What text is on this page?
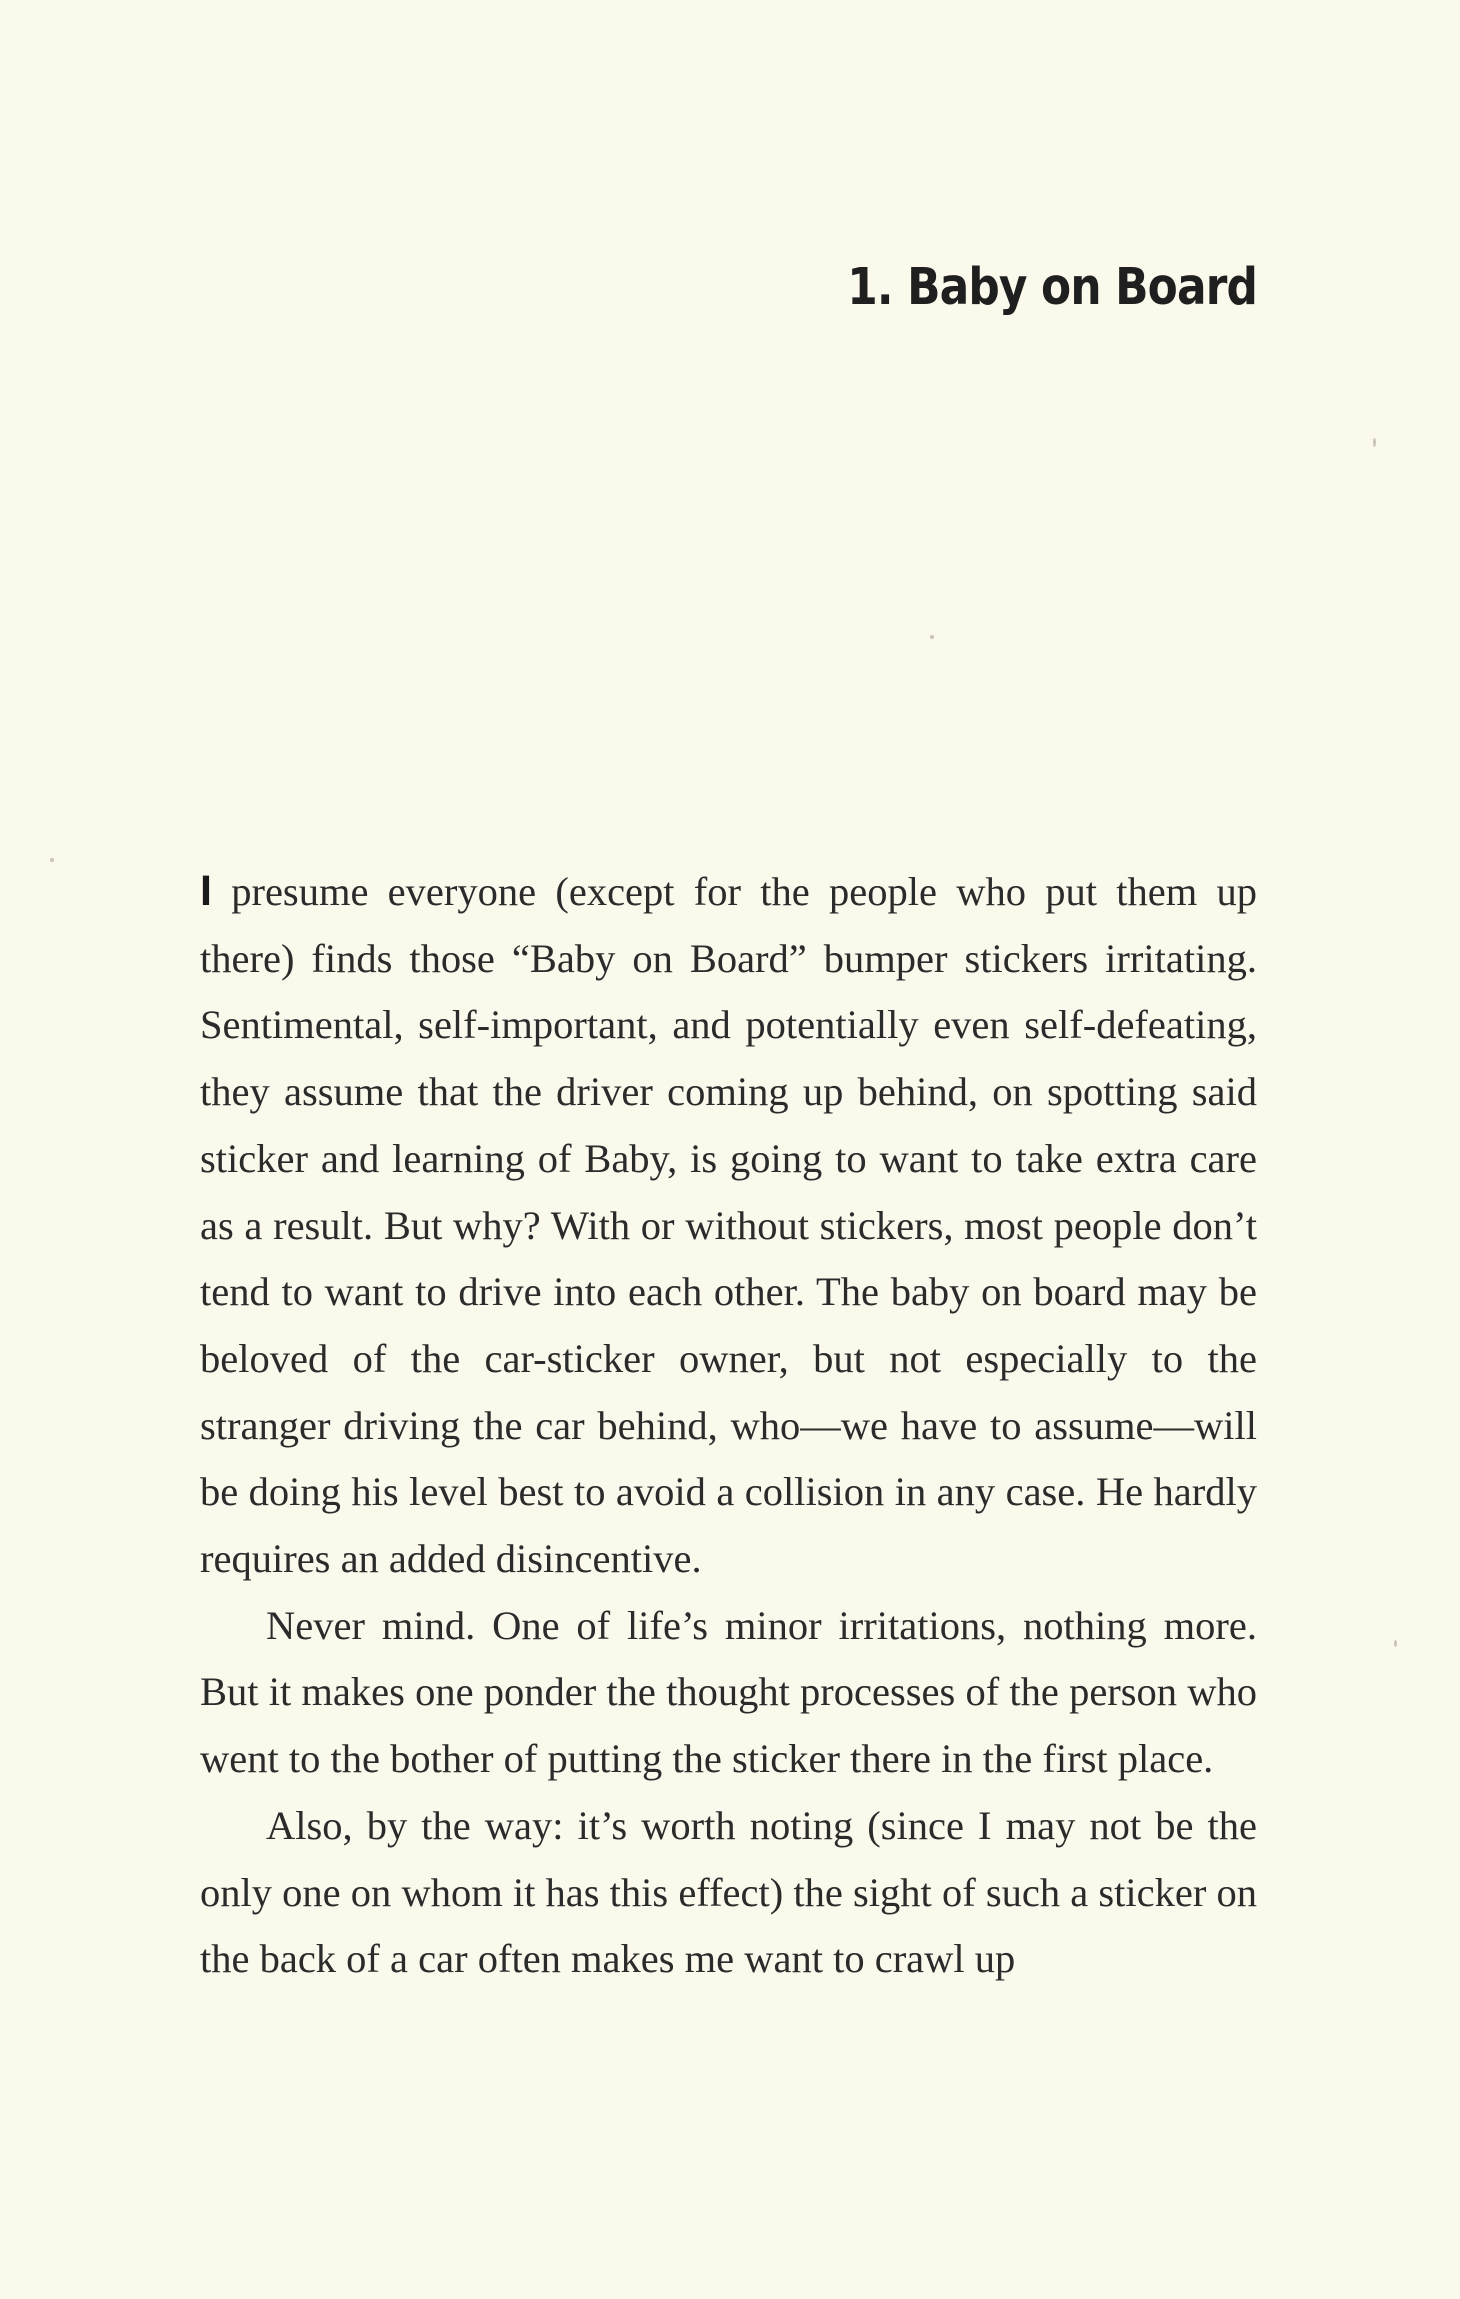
1. Baby on Board

I presume everyone (except for the people who put them up there) finds those “Baby on Board” bumper stickers irritating. Sentimental, self-important, and potentially even self-defeating, they assume that the driver coming up behind, on spotting said sticker and learning of Baby, is going to want to take extra care as a result. But why? With or without stickers, most people don’t tend to want to drive into each other. The baby on board may be beloved of the car-sticker owner, but not especially to the stranger driving the car behind, who—we have to assume—will be doing his level best to avoid a collision in any case. He hardly requires an added disincentive.

Never mind. One of life’s minor irritations, nothing more. But it makes one ponder the thought processes of the person who went to the bother of putting the sticker there in the first place.

Also, by the way: it’s worth noting (since I may not be the only one on whom it has this effect) the sight of such a sticker on the back of a car often makes me want to crawl up
